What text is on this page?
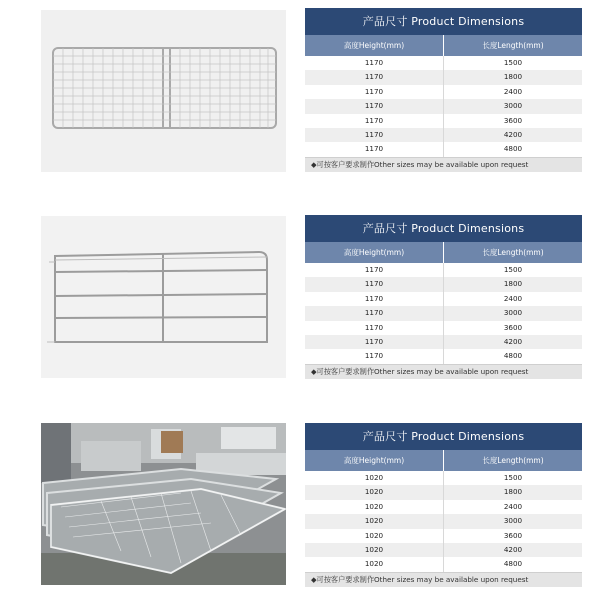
产品尺寸 Product Dimensions
高度Height(mm)	长度Length(mm)
1170	1500
1170	1800
1170	2400
1170	3000
1170	3600
1170	4200
1170	4800
◆可按客户要求制作Other sizes may be available upon request
产品尺寸 Product Dimensions
高度Height(mm)	长度Length(mm)
1170	1500
1170	1800
1170	2400
1170	3000
1170	3600
1170	4200
1170	4800
◆可按客户要求制作Other sizes may be available upon request
产品尺寸 Product Dimensions
高度Height(mm)	长度Length(mm)
1020	1500
1020	1800
1020	2400
1020	3000
1020	3600
1020	4200
1020	4800
◆可按客户要求制作Other sizes may be available upon request
